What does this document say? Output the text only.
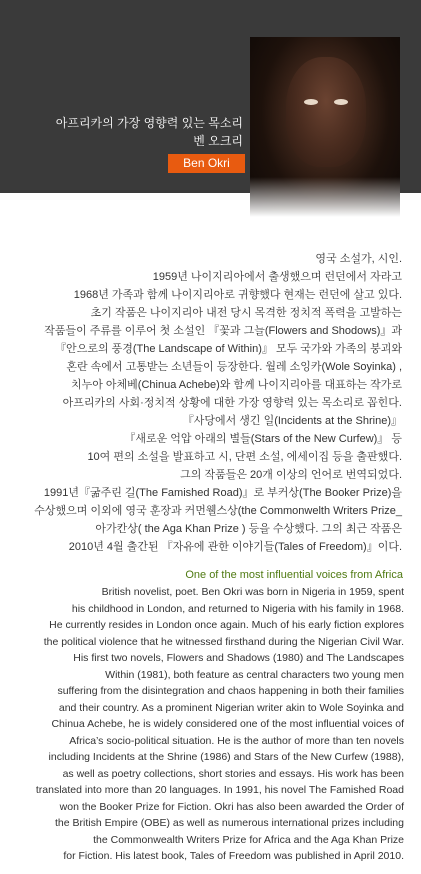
아프리카의 가장 영향력 있는 목소리
벤 오크리
Ben Okri
영국 소설가, 시인.
1959년 나이지리아에서 출생했으며 런던에서 자라고
1968년 가족과 함께 나이지리아로 귀향했다 현재는 런던에 살고 있다.
초기 작품은 나이지리아 내전 당시 목격한 정치적 폭력을 고발하는
작품들이 주류를 이루어 첫 소설인 『꽃과 그늘(Flowers and Shodows)』과
『안으로의 풍경(The Landscape of Within)』 모두 국가와 가족의 붕괴와
혼란 속에서 고통받는 소년들이 등장한다. 월레 소잉카(Wole Soyinka) ,
치누아 아체베(Chinua Achebe)와 함께 나이지리아를 대표하는 작가로
아프리카의 사회·정치적 상황에 대한 가장 영향력 있는 목소리로 꼽힌다.
『사당에서 생긴 일(Incidents at the Shrine)』
『새로운 억압 아래의 별들(Stars of the New Curfew)』 등
10여 편의 소설을 발표하고 시, 단편 소설, 에세이집 등을 출판했다.
그의 작품들은 20개 이상의 언어로 번역되었다.
1991년『굶주린 길(The Famished Road)』로 부커상(The Booker Prize)을
수상했으며 이외에 영국 훈장과 커먼웰스상(the Commonwelth Writers Prize_
아가칸상( the Aga Khan Prize ) 등을 수상했다. 그의 최근 작품은
2010년 4월 출간된 『자유에 관한 이야기들(Tales of Freedom)』이다.
One of the most influential voices from Africa
British novelist, poet. Ben Okri was born in Nigeria in 1959, spent
his childhood in London, and returned to Nigeria with his family in 1968.
He currently resides in London once again. Much of his early fiction explores
the political violence that he witnessed firsthand during the Nigerian Civil War.
His first two novels, Flowers and Shadows (1980) and The Landscapes
Within (1981), both feature as central characters two young men
suffering from the disintegration and chaos happening in both their families
and their country. As a prominent Nigerian writer akin to Wole Soyinka and
Chinua Achebe, he is widely considered one of the most influential voices of
Africa’s socio-political situation. He is the author of more than ten novels
including Incidents at the Shrine (1986) and Stars of the New Curfew (1988),
as well as poetry collections, short stories and essays. His work has been
translated into more than 20 languages. In 1991, his novel The Famished Road
won the Booker Prize for Fiction. Okri has also been awarded the Order of
the British Empire (OBE) as well as numerous international prizes including
the Commonwealth Writers Prize for Africa and the Aga Khan Prize
for Fiction. His latest book, Tales of Freedom was published in April 2010.
